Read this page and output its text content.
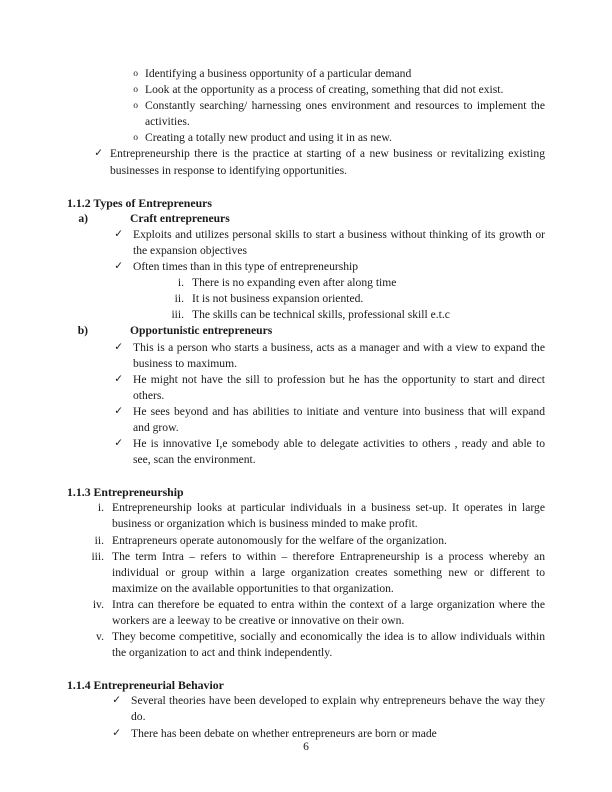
o Identifying a business opportunity of a particular demand
o Look at the opportunity as a process of creating, something that did not exist.
o Constantly searching/ harnessing ones environment and resources to implement the activities.
o Creating a totally new product and using it in as new.
✓ Entrepreneurship there is the practice at starting of a new business or revitalizing existing businesses in response to identifying opportunities.
1.1.2 Types of Entrepreneurs
a)	Craft entrepreneurs
✓ Exploits and utilizes personal skills to start a business without thinking of its growth or the expansion objectives
✓ Often times than in this type of entrepreneurship
i. There is no expanding even after along time
ii. It is not business expansion oriented.
iii. The skills can be technical skills, professional skill e.t.c
b)	Opportunistic entrepreneurs
✓ This is a person who starts a business, acts as a manager and with a view to expand the business to maximum.
✓ He might not have the sill to profession but he has the opportunity to start and direct others.
✓ He sees beyond and has abilities to initiate and venture into business that will expand and grow.
✓ He is innovative I,e somebody able to delegate activities to others , ready and able to see, scan the environment.
1.1.3 Entrepreneurship
i. Entrepreneurship looks at particular individuals in a business set-up. It operates in large business or organization which is business minded to make profit.
ii. Entrapreneurs operate autonomously for the welfare of the organization.
iii. The term Intra – refers to within – therefore Entrapreneurship is a process whereby an individual or group within a large organization creates something new or different to maximize on the available opportunities to that organization.
iv. Intra can therefore be equated to entra within the context of a large organization where the workers are a leeway to be creative or innovative on their own.
v. They become competitive, socially and economically the idea is to allow individuals within the organization to act and think independently.
1.1.4 Entrepreneurial Behavior
✓ Several theories have been developed to explain why entrepreneurs behave the way they do.
✓ There has been debate on whether entrepreneurs are born or made
6
